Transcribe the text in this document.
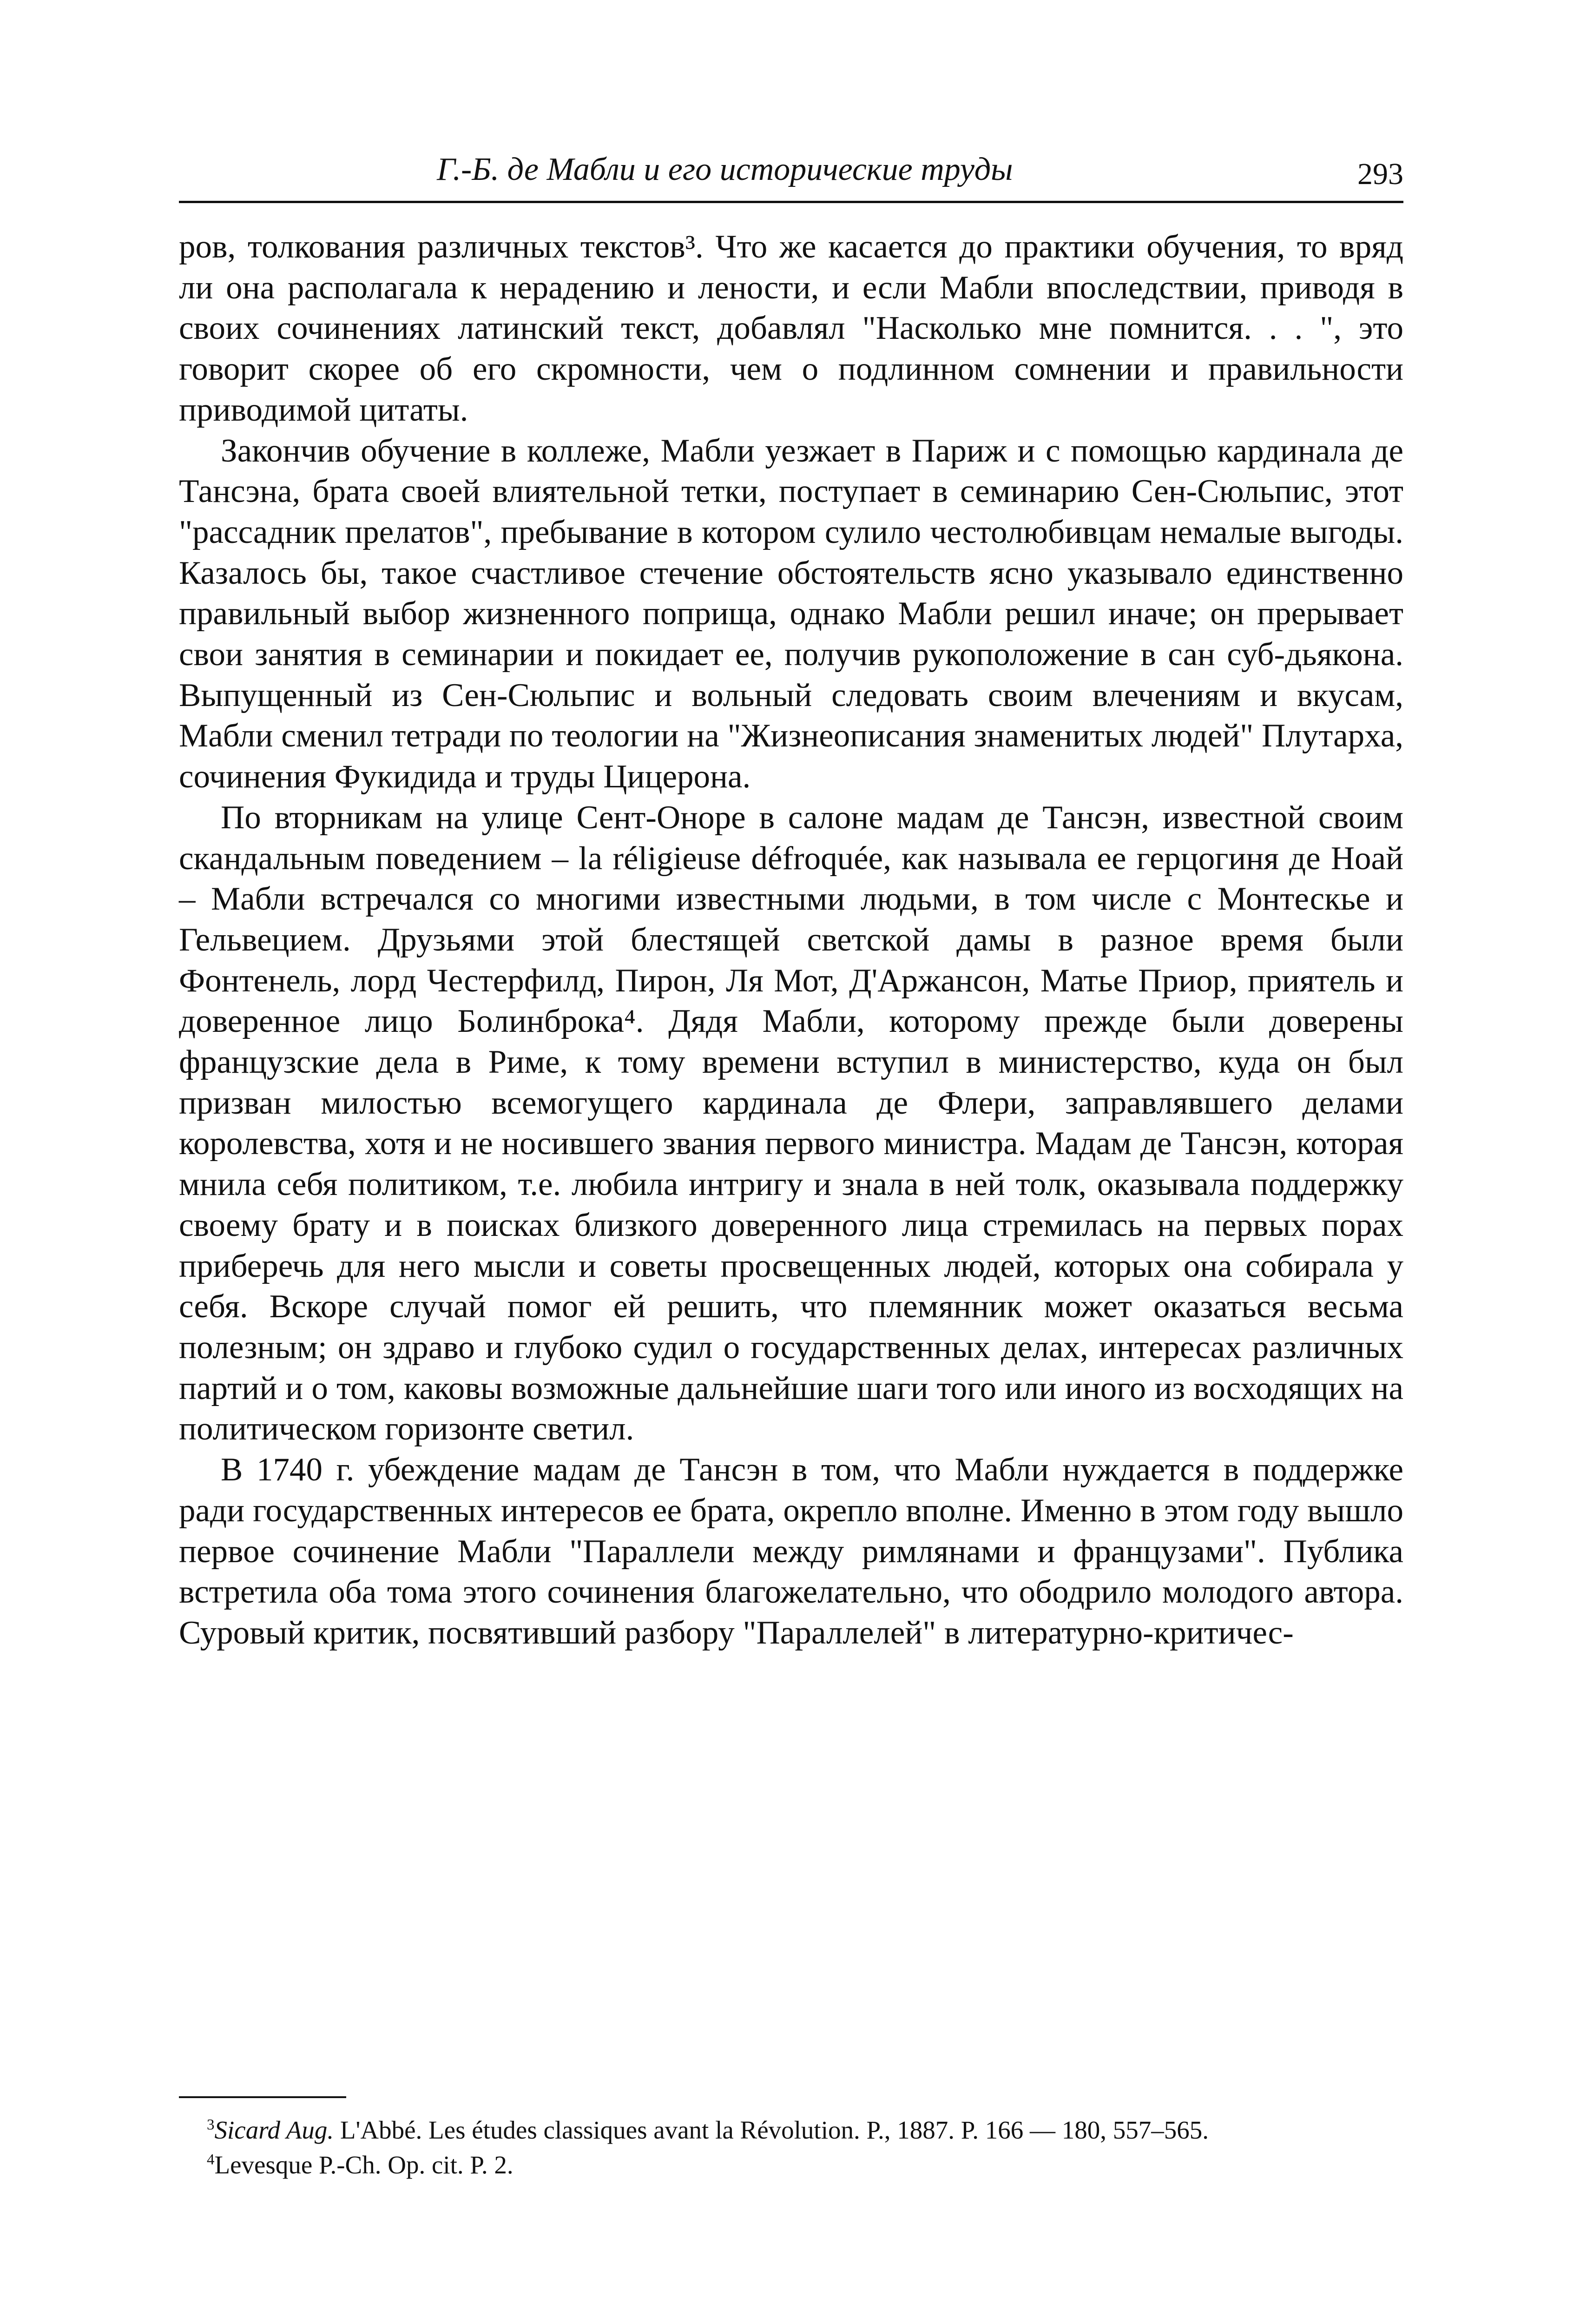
Г.-Б. де Мабли и его исторические труды	293

ров, толкования различных текстов³. Что же касается до практики обучения, то вряд ли она располагала к нерадению и лености, и если Мабли впоследствии, приводя в своих сочинениях латинский текст, добавлял "Насколько мне помнится. . . ", это говорит скорее об его скромности, чем о подлинном сомнении и правильности приводимой цитаты.

Закончив обучение в коллеже, Мабли уезжает в Париж и с помощью кардинала де Тансэна, брата своей влиятельной тетки, поступает в семинарию Сен-Сюльпис, этот "рассадник прелатов", пребывание в котором сулило честолюбивцам немалые выгоды. Казалось бы, такое счастливое стечение обстоятельств ясно указывало единственно правильный выбор жизненного поприща, однако Мабли решил иначе; он прерывает свои занятия в семинарии и покидает ее, получив рукоположение в сан суб-дьякона. Выпущенный из Сен-Сюльпис и вольный следовать своим влечениям и вкусам, Мабли сменил тетради по теологии на "Жизнеописания знаменитых людей" Плутарха, сочинения Фукидида и труды Цицерона.

По вторникам на улице Сент-Оноре в салоне мадам де Тансэн, известной своим скандальным поведением – la réligieuse défroquée, как называла ее герцогиня де Ноай – Мабли встречался со многими известными людьми, в том числе с Монтескье и Гельвецием. Друзьями этой блестящей светской дамы в разное время были Фонтенель, лорд Честерфилд, Пирон, Ля Мот, Д'Аржансон, Матье Приор, приятель и доверенное лицо Болинброка⁴. Дядя Мабли, которому прежде были доверены французские дела в Риме, к тому времени вступил в министерство, куда он был призван милостью всемогущего кардинала де Флери, заправлявшего делами королевства, хотя и не носившего звания первого министра. Мадам де Тансэн, которая мнила себя политиком, т.е. любила интригу и знала в ней толк, оказывала поддержку своему брату и в поисках близкого доверенного лица стремилась на первых порах приберечь для него мысли и советы просвещенных людей, которых она собирала у себя. Вскоре случай помог ей решить, что племянник может оказаться весьма полезным; он здраво и глубоко судил о государственных делах, интересах различных партий и о том, каковы возможные дальнейшие шаги того или иного из восходящих на политическом горизонте светил.

В 1740 г. убеждение мадам де Тансэн в том, что Мабли нуждается в поддержке ради государственных интересов ее брата, окрепло вполне. Именно в этом году вышло первое сочинение Мабли "Параллели между римлянами и французами". Публика встретила оба тома этого сочинения благожелательно, что ободрило молодого автора. Суровый критик, посвятивший разбору "Параллелей" в литературно-критичес-

$^3$Sicard Aug. L'Abbé. Les études classiques avant la Révolution. P., 1887. P. 166 — 180, 557–565.

$^4$Levesque P.-Ch. Op. cit. P. 2.
